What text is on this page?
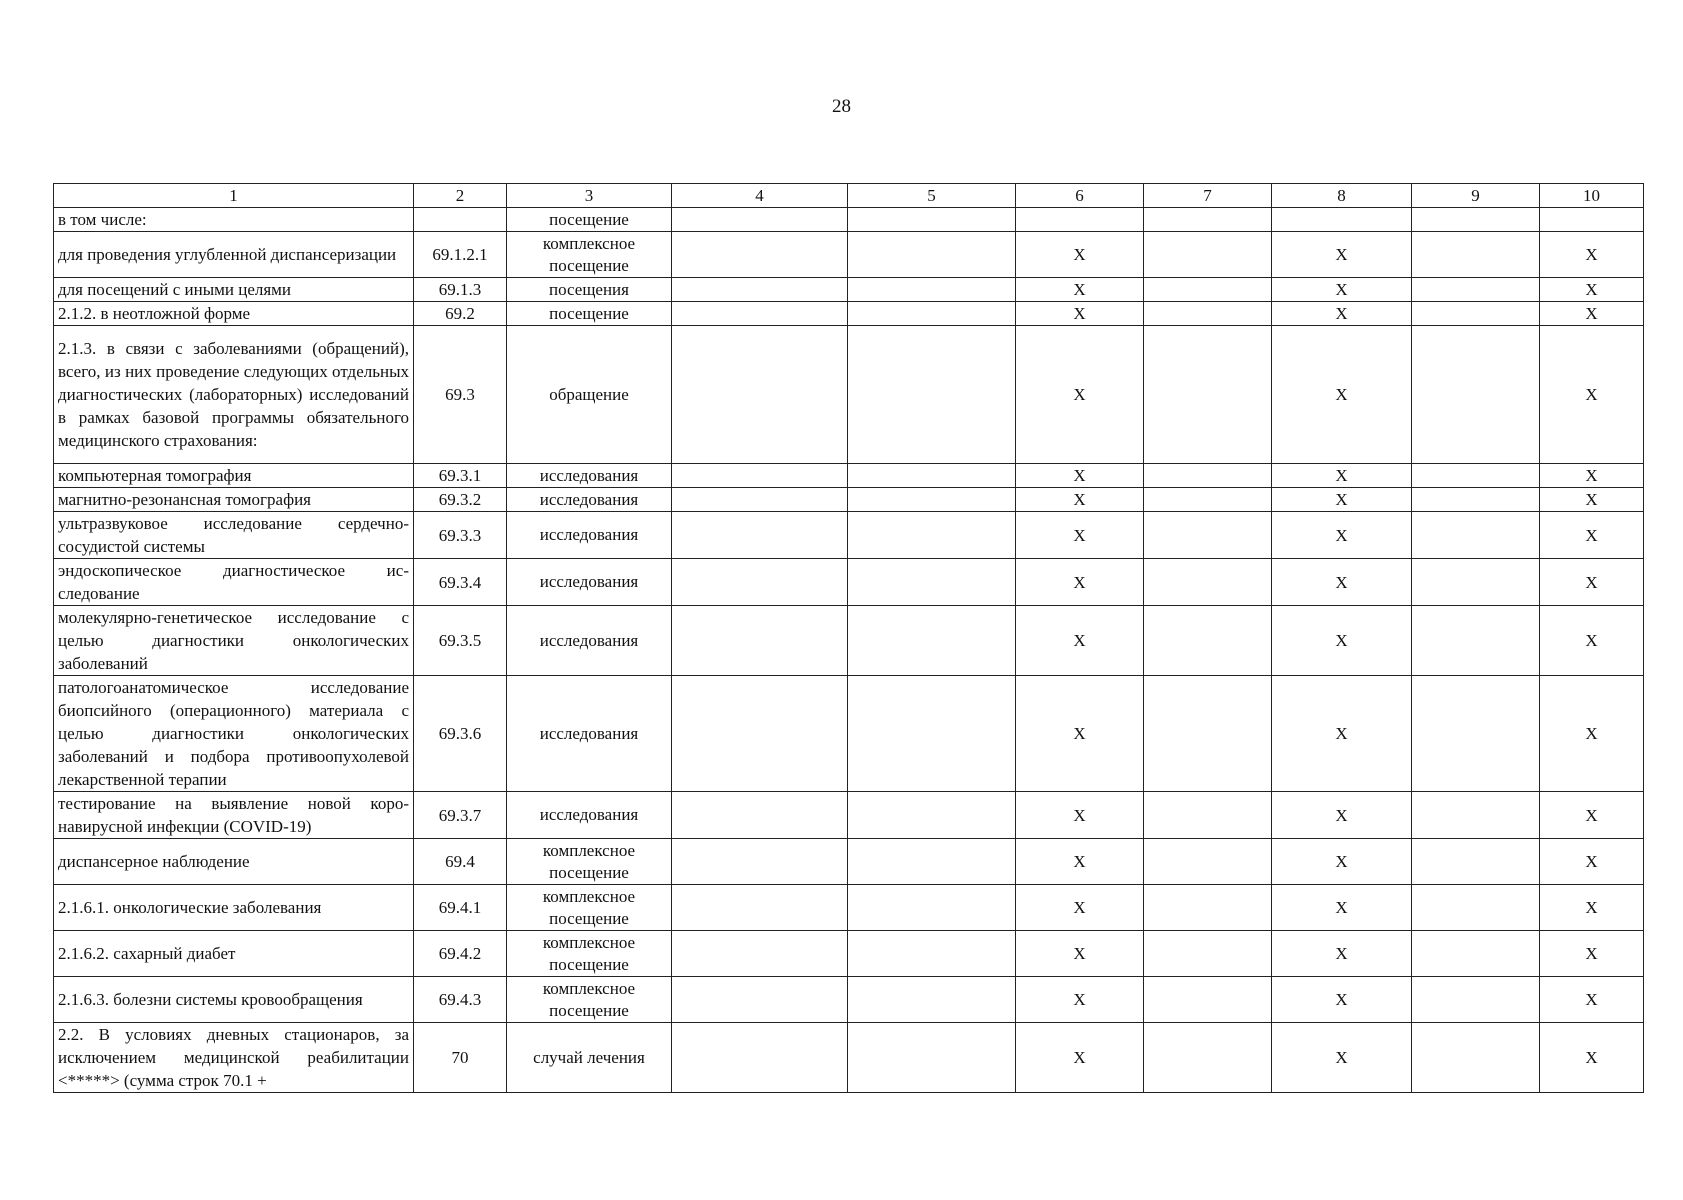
28
1	2	3	4	5	6	7	8	9	10
в том числе:		посещение							
для проведения углубленной диспансеризации	69.1.2.1	комплексное посещение			X		X		X
для посещений с иными целями	69.1.3	посещения			X		X		X
2.1.2. в неотложной форме	69.2	посещение			X		X		X
2.1.3. в связи с заболеваниями (обращений), всего, из них проведение следующих отдельных диагностических (лабораторных) исследований в рамках базовой программы обязательного медицинского страхования:	69.3	обращение			X		X		X
компьютерная томография	69.3.1	исследования			X		X		X
магнитно-резонансная томография	69.3.2	исследования			X		X		X
ультразвуковое исследование сердечнососудистой системы	69.3.3	исследования			X		X		X
эндоскопическое диагностическое исследование	69.3.4	исследования			X		X		X
молекулярно-генетическое исследование с целью диагностики онкологических заболеваний	69.3.5	исследования			X		X		X
патологоанатомическое исследование биопсийного (операционного) материала с целью диагностики онкологических заболеваний и подбора противоопухолевой лекарственной терапии	69.3.6	исследования			X		X		X
тестирование на выявление новой коронавирусной инфекции (COVID-19)	69.3.7	исследования			X		X		X
диспансерное наблюдение	69.4	комплексное посещение			X		X		X
2.1.6.1. онкологические заболевания	69.4.1	комплексное посещение			X		X		X
2.1.6.2. сахарный диабет	69.4.2	комплексное посещение			X		X		X
2.1.6.3. болезни системы кровообращения	69.4.3	комплексное посещение			X		X		X
2.2. В условиях дневных стационаров, за исключением медицинской реабилитации <*****> (сумма строк 70.1 +	70	случай лечения			X		X		X
